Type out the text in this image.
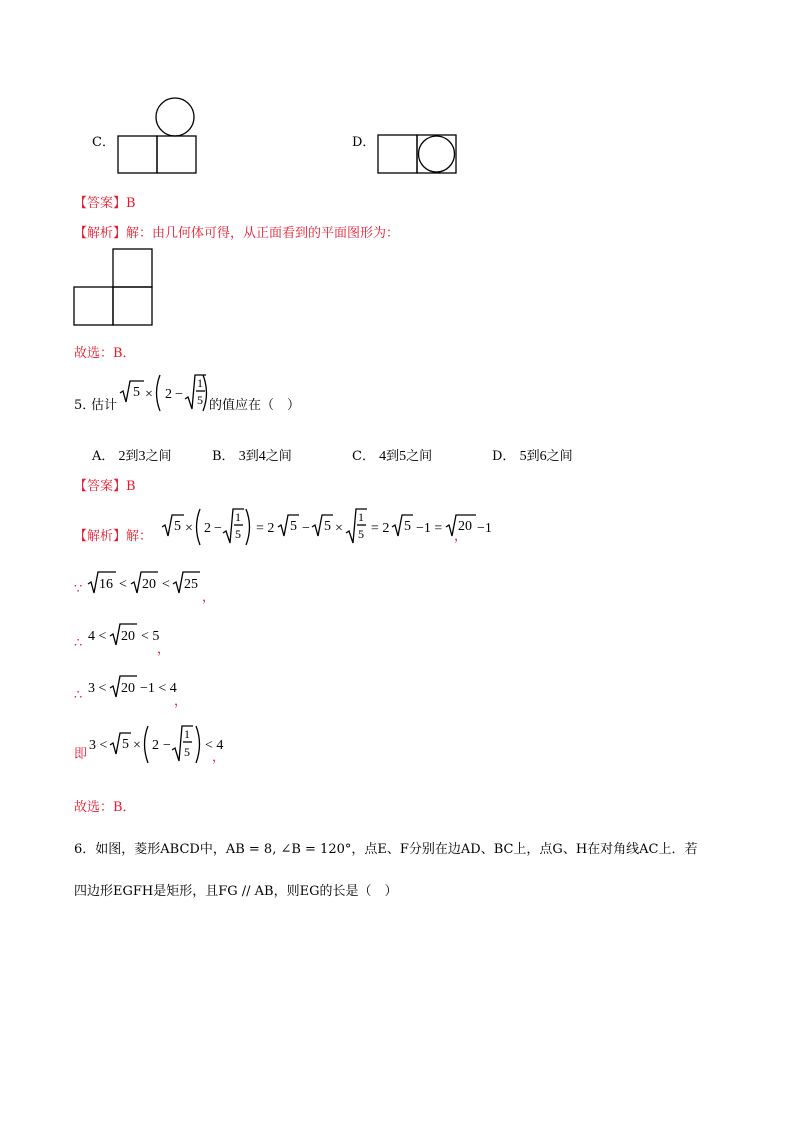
C．	D．
【答案】B
【解析】解：由几何体可得，从正面看到的平面图形为：
故选：B．
5．
估计
5 × 2 −
1
5 的值应在（　）
A． 2到3之间	B． 3到4之间	C． 4到5之间	D． 5到6之间
【答案】B
【解析】解：
5 × 2 −
1
5 = 2 5 − 5 ×
1
5 = 2 5 −1 = 20 −1
，
∵ 16 < 20 < 25
，
∴ 4 < 20 < 5
，
∴ 3 < 20 −1 < 4
，
即
3 < 5 × 2 −
1
5 < 4
，
故选：B．
6．如图，菱形ABCD中，AB = 8, ∠B = 120°，点E、F分别在边AD、BC上，点G、H在对角线AC上．若
四边形EGFH是矩形，且FG // AB，则EG的长是（　）
